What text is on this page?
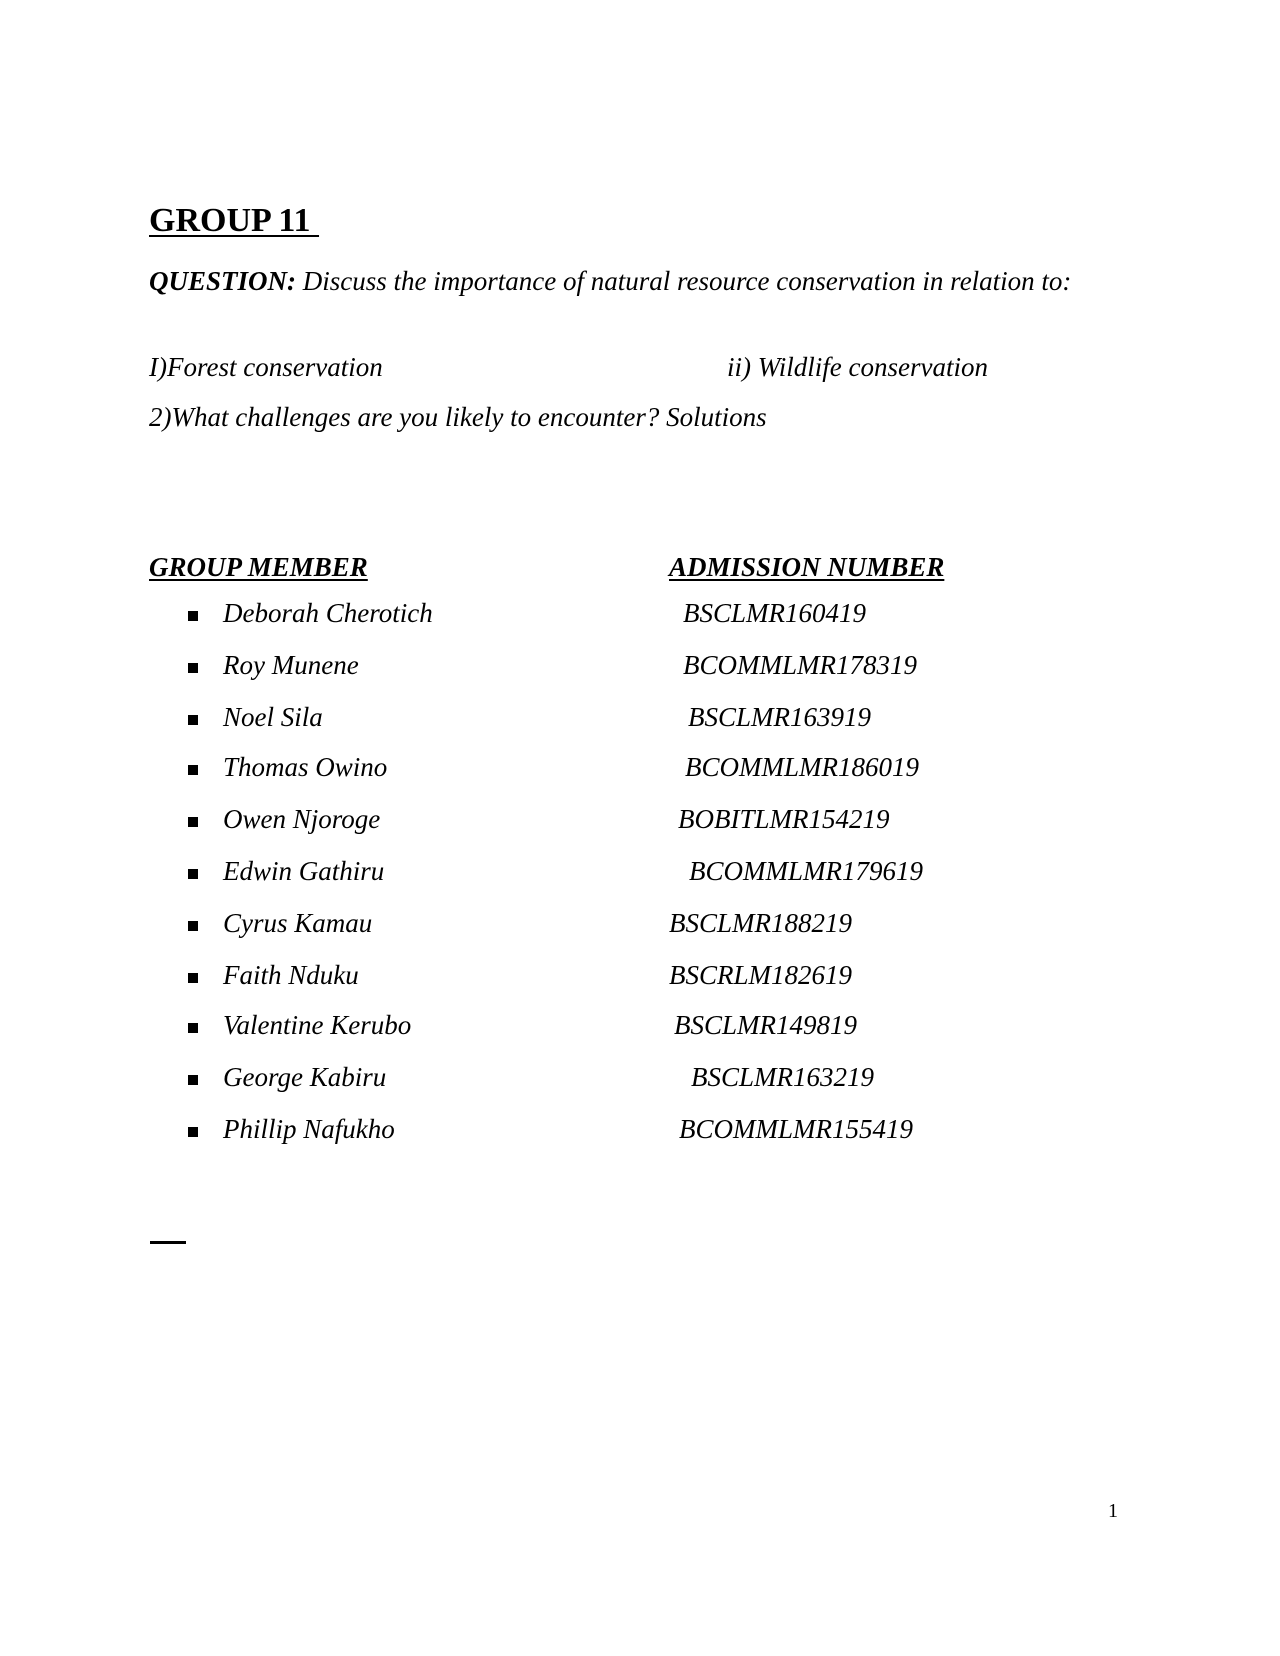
GROUP 11

QUESTION: Discuss the importance of natural resource conservation in relation to:

I)Forest conservation	ii) Wildlife conservation
2)What challenges are you likely to encounter? Solutions
GROUP MEMBER	ADMISSION NUMBER
Deborah Cherotich	BSCLMR160419
Roy Munene	BCOMMLMR178319
Noel Sila	BSCLMR163919
Thomas Owino	BCOMMLMR186019
Owen Njoroge	BOBITLMR154219
Edwin Gathiru	BCOMMLMR179619
Cyrus Kamau	BSCLMR188219
Faith Nduku	BSCRLM182619
Valentine Kerubo	BSCLMR149819
George Kabiru	BSCLMR163219
Phillip Nafukho	BCOMMLMR155419
1
